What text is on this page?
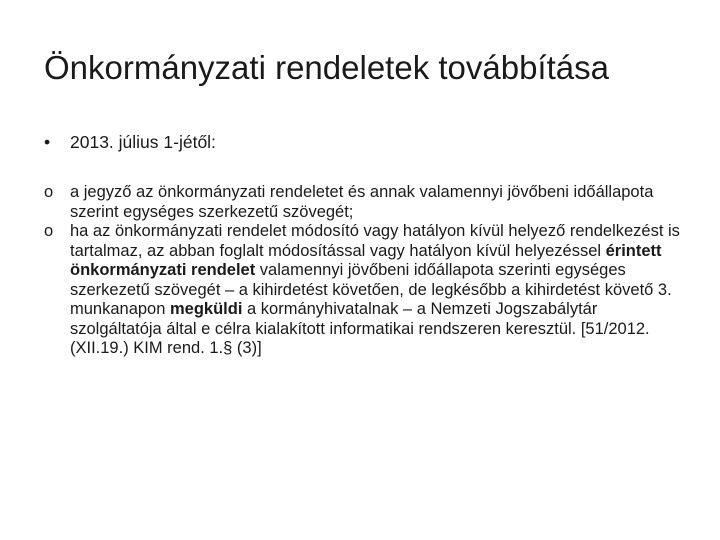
Önkormányzati rendeletek továbbítása
•	2013. július 1-jétől:
o	a jegyző az önkormányzati rendeletet és annak valamennyi jövőbeni időállapota szerint egységes szerkezetű szövegét;
o	ha az önkormányzati rendelet módosító vagy hatályon kívül helyező rendelkezést is tartalmaz, az abban foglalt módosítással vagy hatályon kívül helyezéssel érintett önkormányzati rendelet valamennyi jövőbeni időállapota szerinti egységes szerkezetű szövegét – a kihirdetést követően, de legkésőbb a kihirdetést követő 3. munkanapon megküldi a kormányhivatalnak – a Nemzeti Jogszabálytár szolgáltatója által e célra kialakított informatikai rendszeren keresztül. [51/2012. (XII.19.) KIM rend. 1.§ (3)]
